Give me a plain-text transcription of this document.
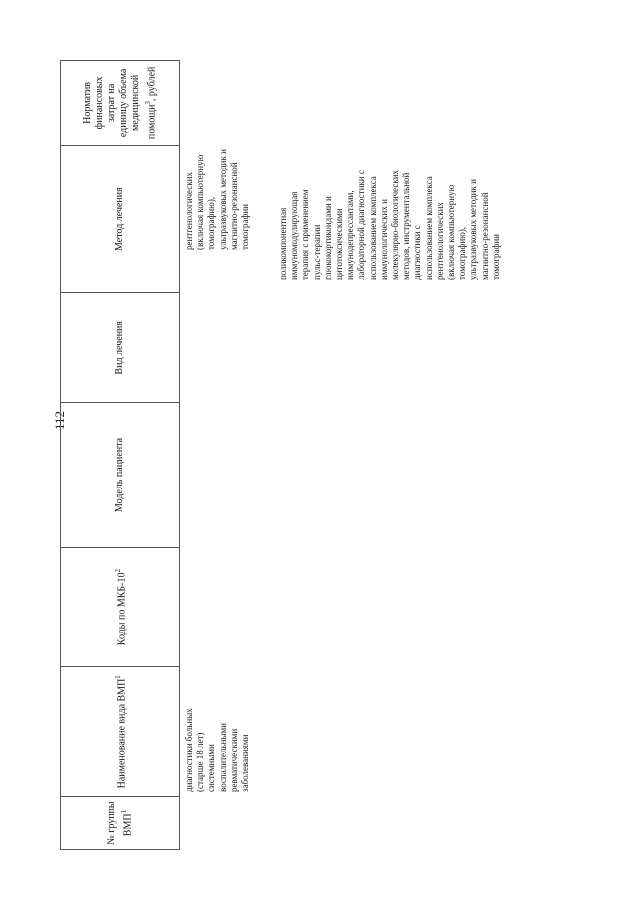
112
№ группы ВМП$^1$
Наименование вида ВМП$^1$
Коды по МКБ-$10^2$
Модель пациента
Вид лечения
Метод лечения
Норматив финансовых затрат на единицу объема медицинской помощи$^3$, рублей
диагностики больных
(старше 18 лет)
системными
воспалительными
ревматическими
заболеваниями
рентгенологических
(включая компьютерную
томографию),
ультразвуковых методик и
магнитно-резонансной
томографии	поликомпонентная
иммуномодулирующая
терапия с применением
пульс-терапии
глюкокортикоидами и
цитотоксическими
иммунодепрессантами,
лабораторной диагностики с
использованием комплекса
иммунологических и
молекулярно-биологических
методов, инструментальной
диагностики с
использованием комплекса
рентгенологических
(включая компьютерную
томографию),
ультразвуковых методик и
магнитно-резонансной
томографии
